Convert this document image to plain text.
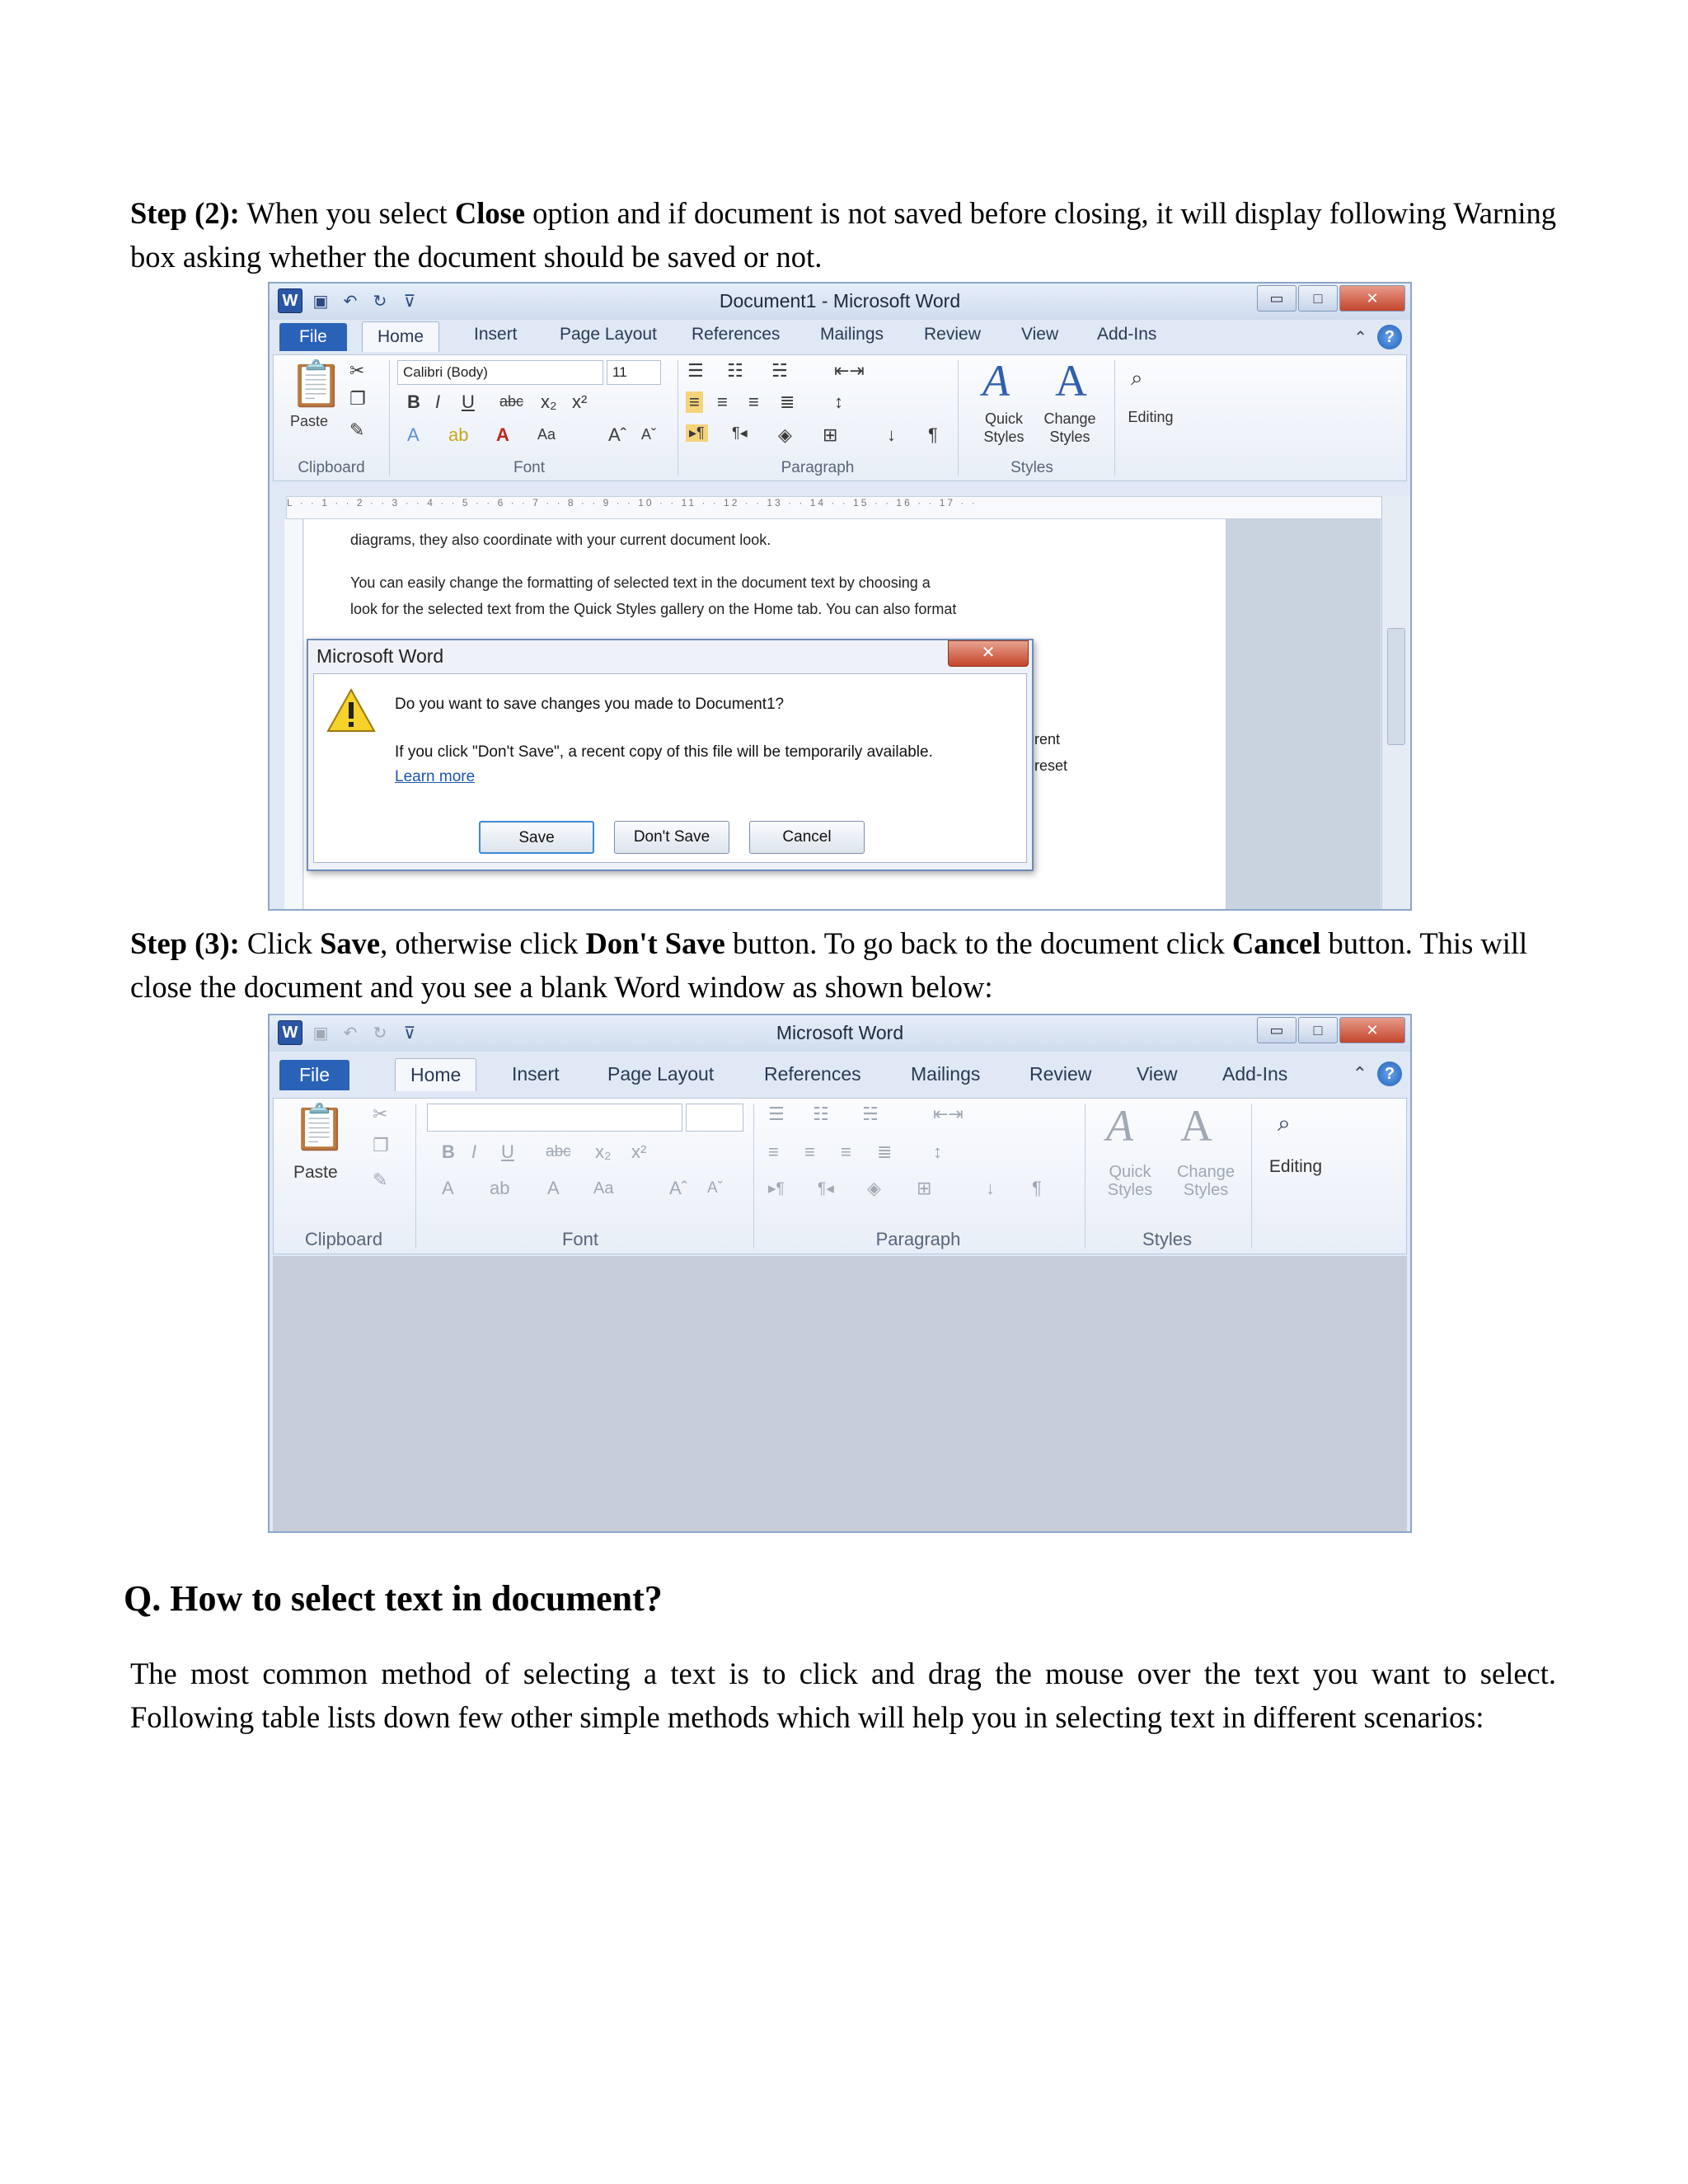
Step (2): When you select Close option and if document is not saved before closing, it will display following Warning box asking whether the document should be saved or not.

W ▣ ↶ ↻	⊽	Document1 - Microsoft Word	▭	□	✕
File	Home	Insert Page Layout References Mailings Review View Add-Ins	⌃	?
📋
Paste
✂
❐
✎
Clipboard
Calibri (Body)	11
B I U abc x₂ x²
A ab A Aa	Aˆ Aˇ
Font
☰ ☷ ☵	⇤⇥
≡ ≡ ≡ ≣ ↕
▸¶ ¶◂ ◈ ⊞	↓ ¶
Paragraph
A A
Quick
Styles
Change
Styles
Styles
⌕
Editing
L · · 1 · · 2 · · 3 · · 4 · · 5 · · 6 · · 7 · · 8 · · 9 · · 10 · · 11 · · 12 · · 13 · · 14 · · 15 · · 16 · · 17 · ·
diagrams, they also coordinate with your current document look.
You can easily change the formatting of selected text in the document text by choosing a
look for the selected text from the Quick Styles gallery on the Home tab. You can also format
rent
reset
Microsoft Word	✕
Do you want to save changes you made to Document1?
If you click "Don't Save", a recent copy of this file will be temporarily available.
Learn more
Save	Don't Save	Cancel

Step (3): Click Save, otherwise click Don't Save button. To go back to the document click Cancel button. This will close the document and you see a blank Word window as shown below:

W ▣ ↶ ↻	⊽	Microsoft Word	▭	□	✕
File	Home	Insert	Page Layout	References	Mailings	Review View Add-Ins	⌃	?
📋
Paste
✂
❐
✎
Clipboard
B I U abc x₂ x²
A ab A Aa	Aˆ Aˇ
Font
☰ ☷ ☵	⇤⇥
≡ ≡ ≡ ≣ ↕
▸¶ ¶◂ ◈ ⊞	↓ ¶
Paragraph
A A
Quick
Styles
Change
Styles
Styles
⌕
Editing
Q. How to select text in document?

The most common method of selecting a text is to click and drag the mouse over the text you want to select. Following table lists down few other simple methods which will help you in selecting text in different scenarios:
